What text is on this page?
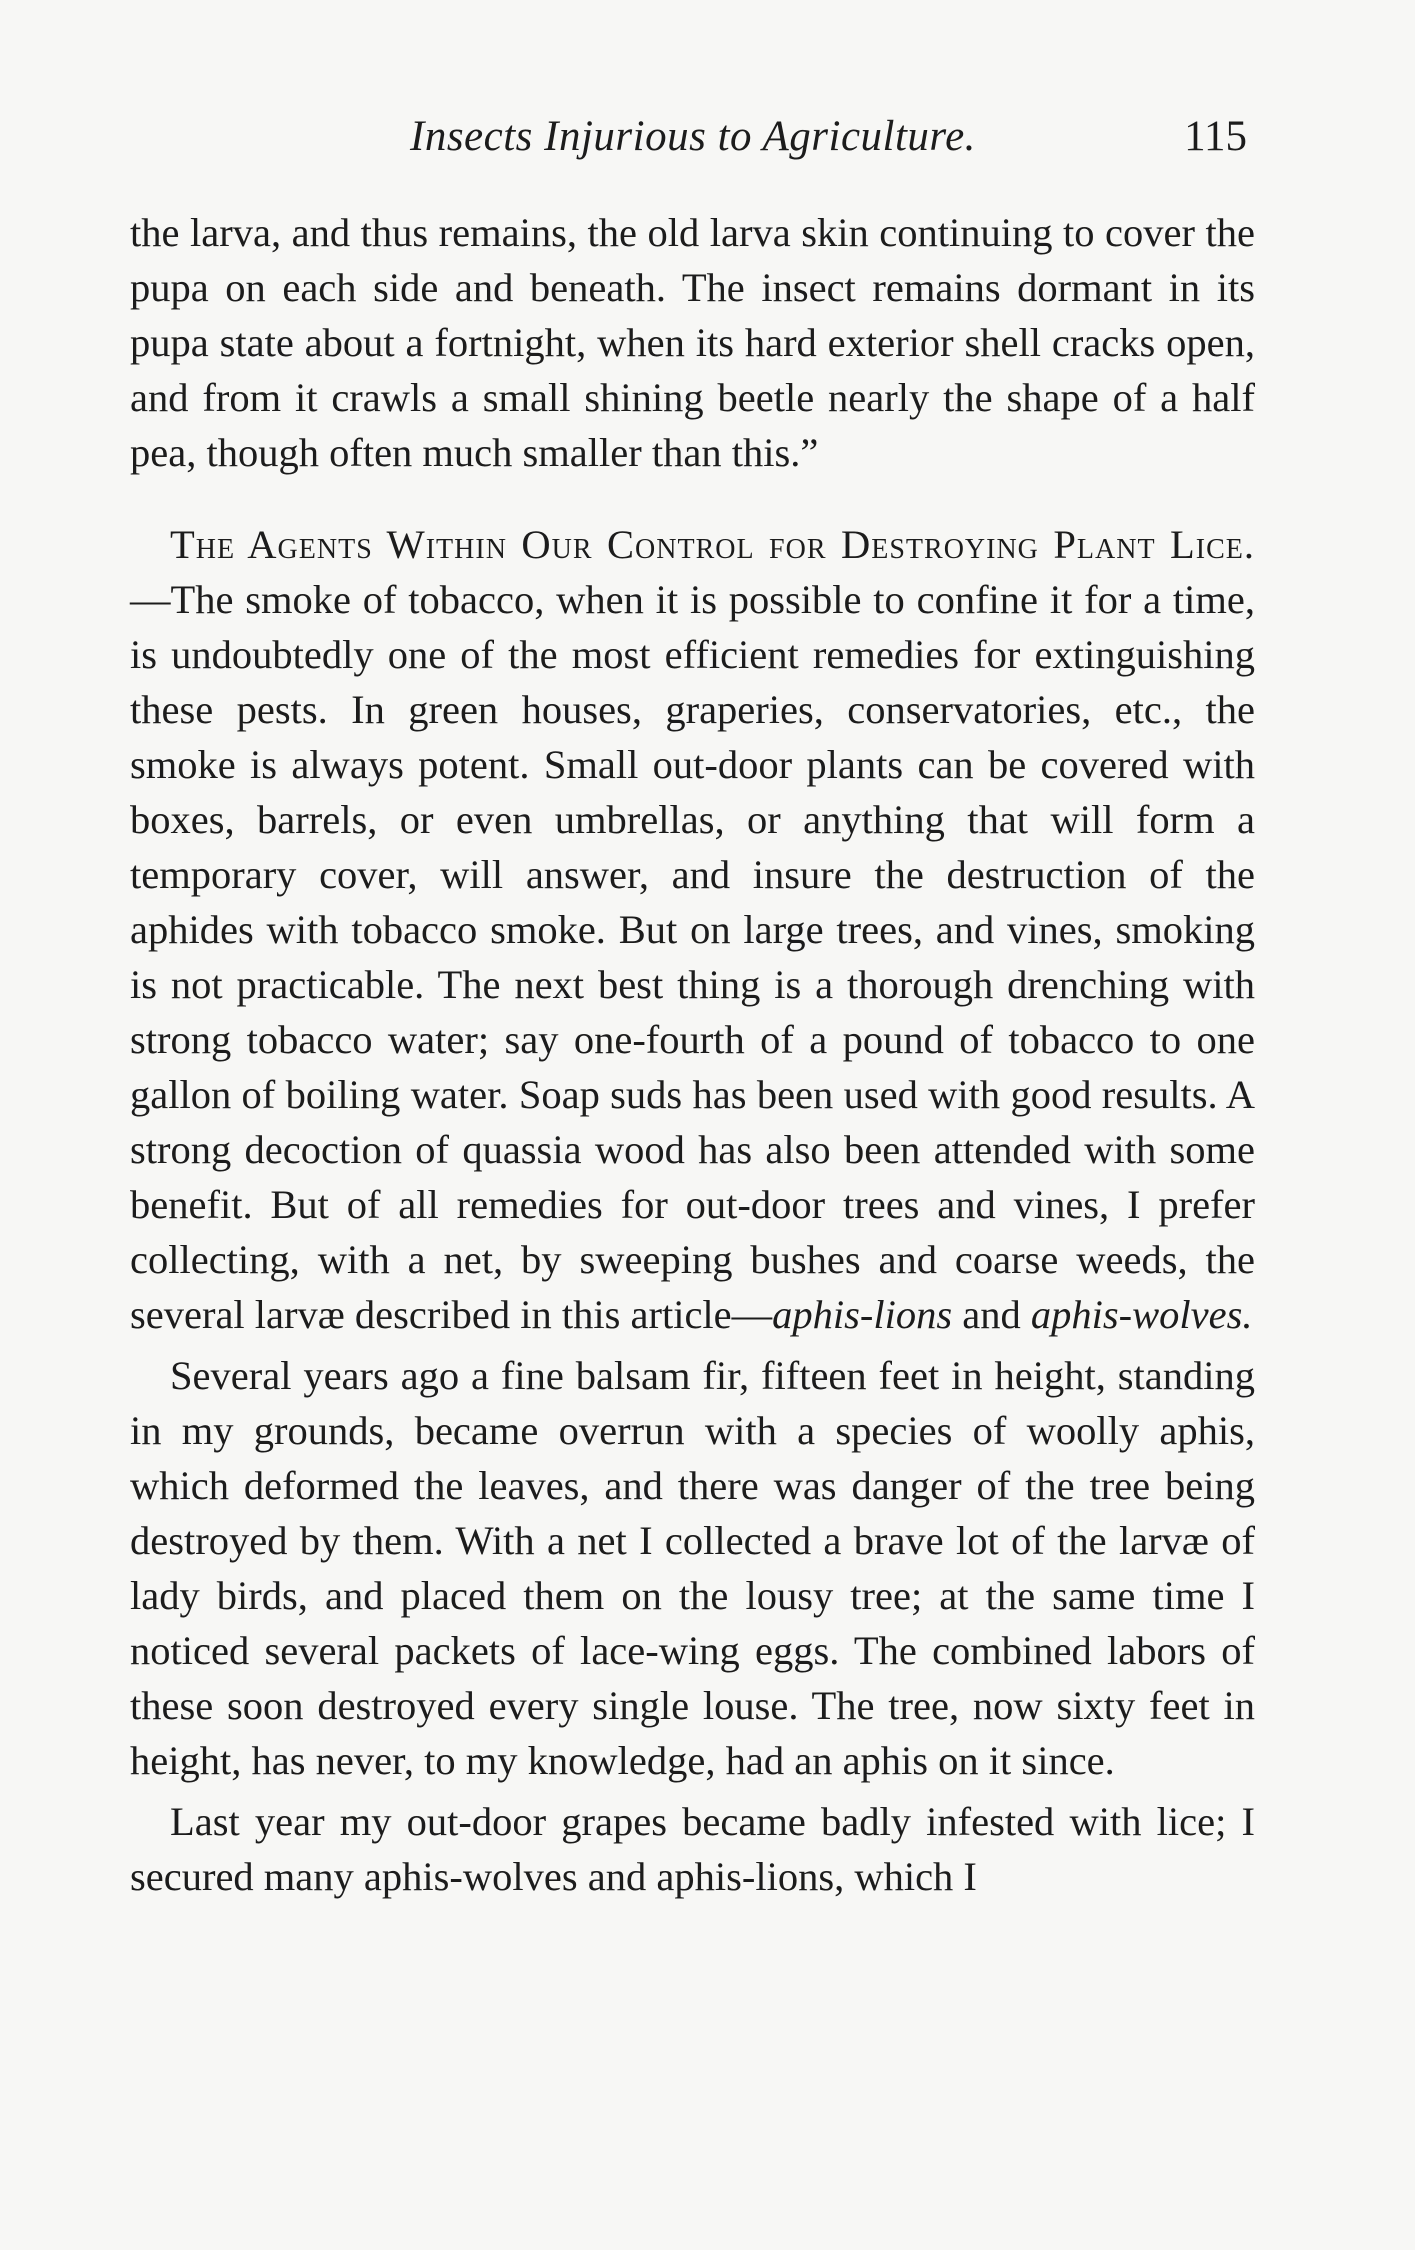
Insects Injurious to Agriculture.	115

the larva, and thus remains, the old larva skin continuing to cover the pupa on each side and beneath. The insect remains dormant in its pupa state about a fortnight, when its hard exterior shell cracks open, and from it crawls a small shining beetle nearly the shape of a half pea, though often much smaller than this.”

The Agents Within Our Control for Destroying Plant Lice.—The smoke of tobacco, when it is possible to confine it for a time, is undoubtedly one of the most efficient remedies for extinguishing these pests. In green houses, graperies, conservatories, etc., the smoke is always potent. Small out-door plants can be covered with boxes, barrels, or even umbrellas, or anything that will form a temporary cover, will answer, and insure the destruction of the aphides with tobacco smoke. But on large trees, and vines, smoking is not practicable. The next best thing is a thorough drenching with strong tobacco water; say one-fourth of a pound of tobacco to one gallon of boiling water. Soap suds has been used with good results. A strong decoction of quassia wood has also been attended with some benefit. But of all remedies for out-door trees and vines, I prefer collecting, with a net, by sweeping bushes and coarse weeds, the several larvæ described in this article—aphis-lions and aphis-wolves.

Several years ago a fine balsam fir, fifteen feet in height, standing in my grounds, became overrun with a species of woolly aphis, which deformed the leaves, and there was danger of the tree being destroyed by them. With a net I collected a brave lot of the larvæ of lady birds, and placed them on the lousy tree; at the same time I noticed several packets of lace-wing eggs. The combined labors of these soon destroyed every single louse. The tree, now sixty feet in height, has never, to my knowledge, had an aphis on it since.

Last year my out-door grapes became badly infested with lice; I secured many aphis-wolves and aphis-lions, which I
